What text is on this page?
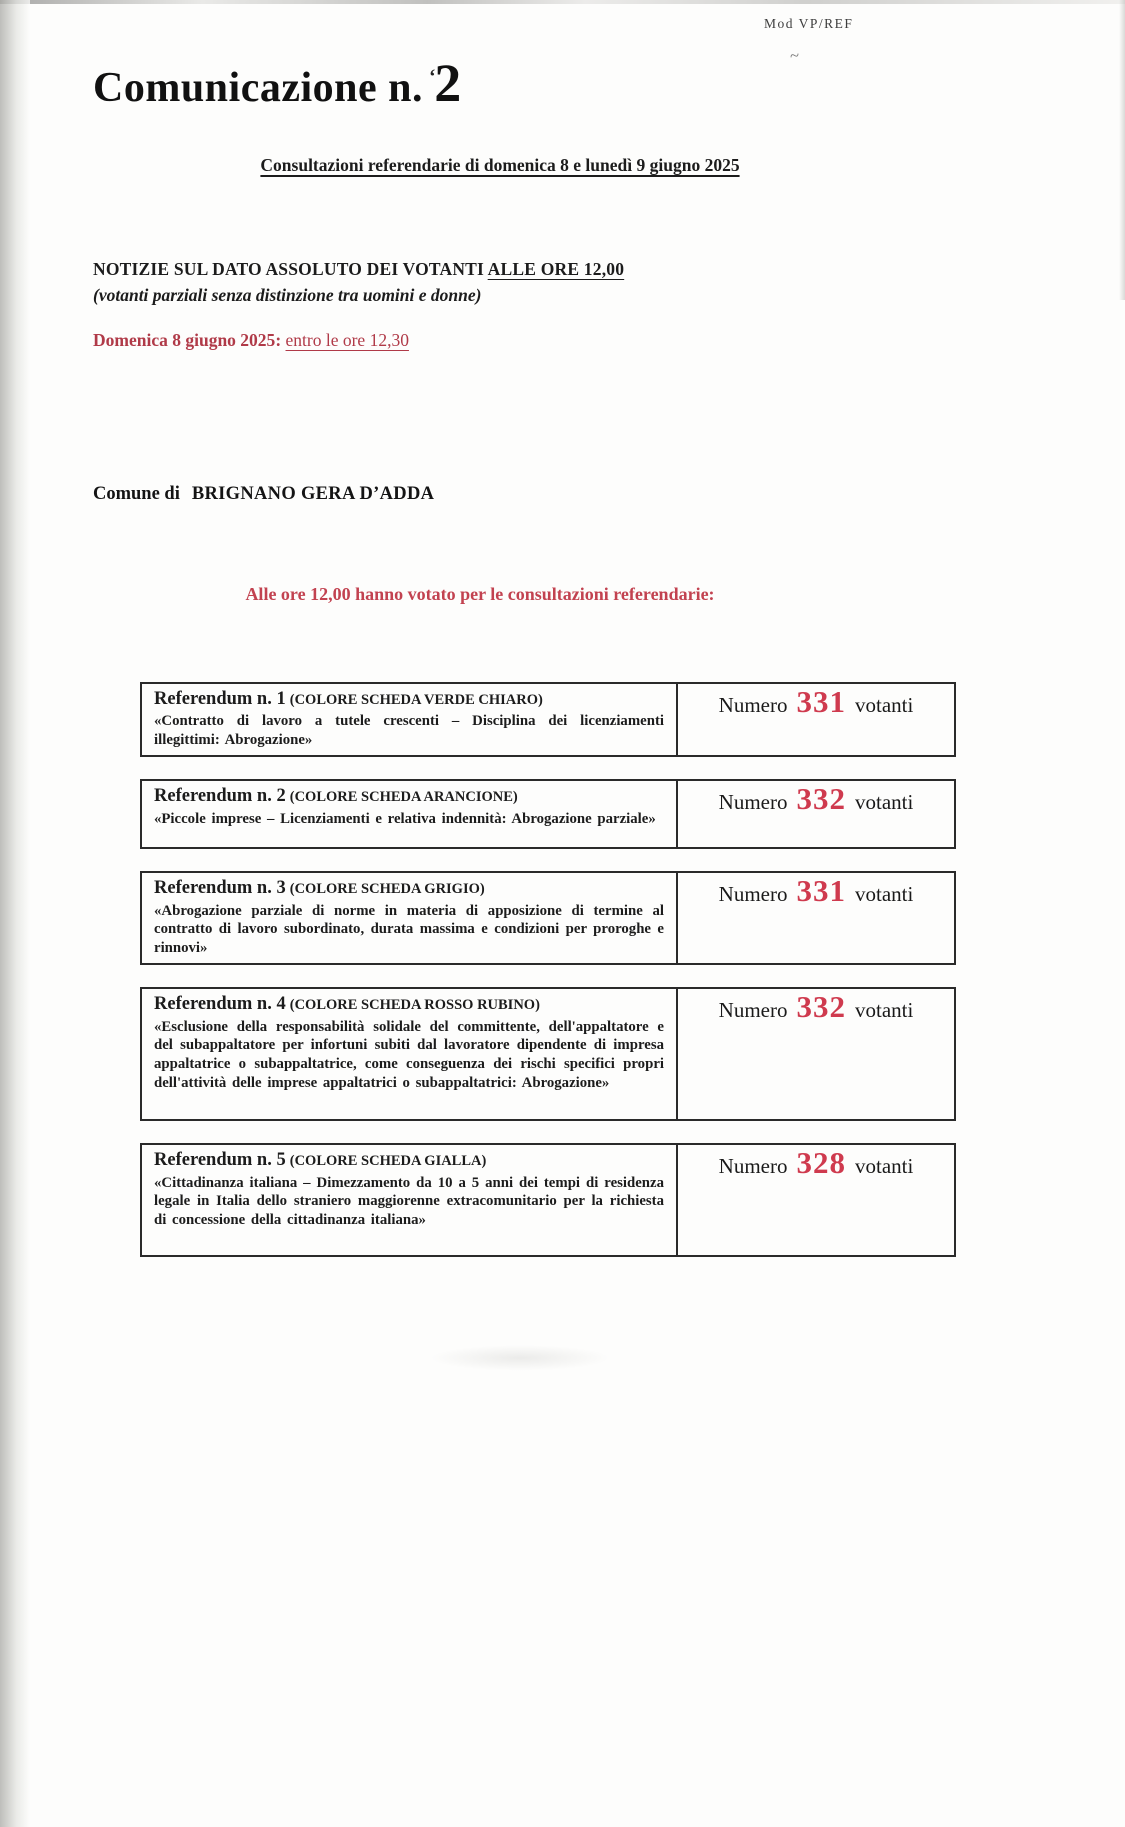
Mod VP/REF
~
Comunicazione n. ‘2
Consultazioni referendarie di domenica 8 e lunedì 9 giugno 2025
NOTIZIE SUL DATO ASSOLUTO DEI VOTANTI ALLE ORE 12,00
(votanti parziali senza distinzione tra uomini e donne)
Domenica 8 giugno 2025: entro le ore 12,30
Comune di BRIGNANO GERA D’ADDA
Alle ore 12,00 hanno votato per le consultazioni referendarie:
Referendum n. 1 (COLORE SCHEDA VERDE CHIARO)
«Contratto di lavoro a tutele crescenti – Disciplina dei licenziamenti illegittimi: Abrogazione»
Numero 331 votanti
Referendum n. 2 (COLORE SCHEDA ARANCIONE)
«Piccole imprese – Licenziamenti e relativa indennità: Abrogazione parziale»
Numero 332 votanti
Referendum n. 3 (COLORE SCHEDA GRIGIO)
«Abrogazione parziale di norme in materia di apposizione di termine al contratto di lavoro subordinato, durata massima e condizioni per proroghe e rinnovi»
Numero 331 votanti
Referendum n. 4 (COLORE SCHEDA ROSSO RUBINO)
«Esclusione della responsabilità solidale del committente, dell'appaltatore e del subappaltatore per infortuni subiti dal lavoratore dipendente di impresa appaltatrice o subappaltatrice, come conseguenza dei rischi specifici propri dell'attività delle imprese appaltatrici o subappaltatrici: Abrogazione»
Numero 332 votanti
Referendum n. 5 (COLORE SCHEDA GIALLA)
«Cittadinanza italiana – Dimezzamento da 10 a 5 anni dei tempi di residenza legale in Italia dello straniero maggiorenne extracomunitario per la richiesta di concessione della cittadinanza italiana»
Numero 328 votanti
